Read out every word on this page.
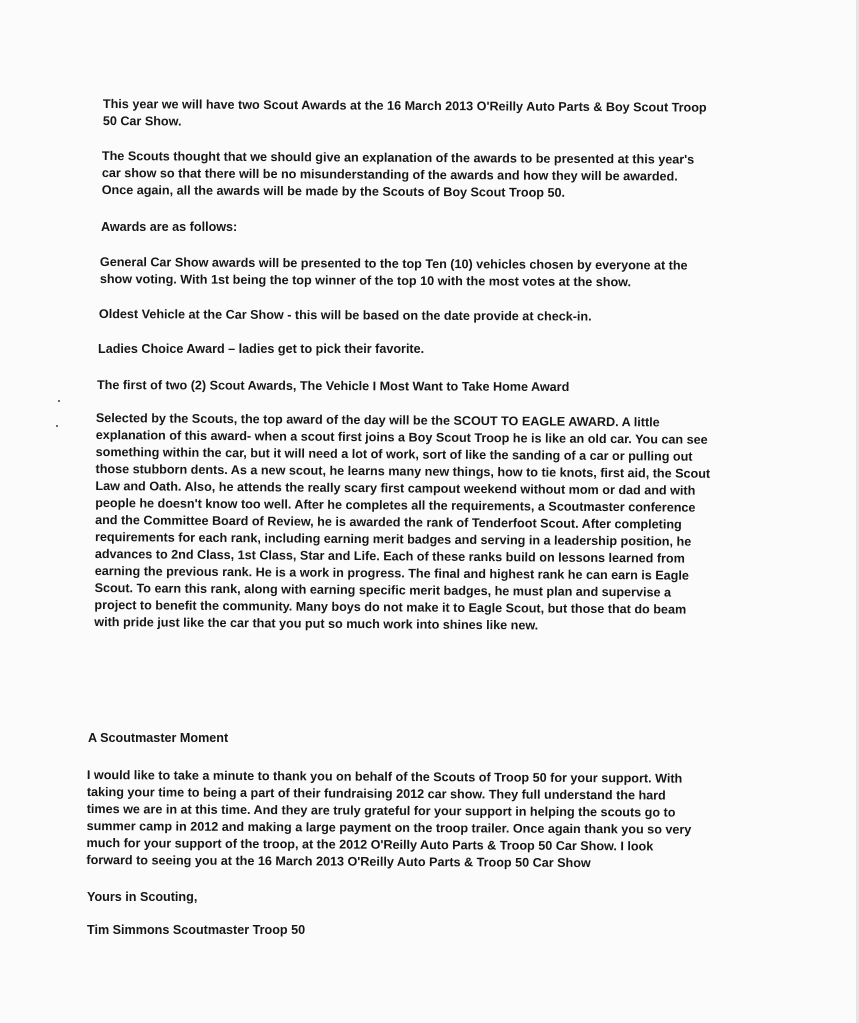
This year we will have two Scout Awards at the 16 March 2013 O'Reilly Auto Parts & Boy Scout Troop
50 Car Show.

The Scouts thought that we should give an explanation of the awards to be presented at this year's
car show so that there will be no misunderstanding of the awards and how they will be awarded.
Once again, all the awards will be made by the Scouts of Boy Scout Troop 50.

Awards are as follows:

General Car Show awards will be presented to the top Ten (10) vehicles chosen by everyone at the
show voting. With 1st being the top winner of the top 10 with the most votes at the show.

Oldest Vehicle at the Car Show - this will be based on the date provide at check-in.

Ladies Choice Award – ladies get to pick their favorite.

The first of two (2) Scout Awards, The Vehicle I Most Want to Take Home Award

Selected by the Scouts, the top award of the day will be the SCOUT TO EAGLE AWARD. A little
explanation of this award- when a scout first joins a Boy Scout Troop he is like an old car. You can see
something within the car, but it will need a lot of work, sort of like the sanding of a car or pulling out
those stubborn dents. As a new scout, he learns many new things, how to tie knots, first aid, the Scout
Law and Oath. Also, he attends the really scary first campout weekend without mom or dad and with
people he doesn't know too well. After he completes all the requirements, a Scoutmaster conference
and the Committee Board of Review, he is awarded the rank of Tenderfoot Scout. After completing
requirements for each rank, including earning merit badges and serving in a leadership position, he
advances to 2nd Class, 1st Class, Star and Life. Each of these ranks build on lessons learned from
earning the previous rank. He is a work in progress. The final and highest rank he can earn is Eagle
Scout. To earn this rank, along with earning specific merit badges, he must plan and supervise a
project to benefit the community. Many boys do not make it to Eagle Scout, but those that do beam
with pride just like the car that you put so much work into shines like new.

A Scoutmaster Moment

I would like to take a minute to thank you on behalf of the Scouts of Troop 50 for your support. With
taking your time to being a part of their fundraising 2012 car show. They full understand the hard
times we are in at this time. And they are truly grateful for your support in helping the scouts go to
summer camp in 2012 and making a large payment on the troop trailer. Once again thank you so very
much for your support of the troop, at the 2012 O'Reilly Auto Parts & Troop 50 Car Show. I look
forward to seeing you at the 16 March 2013 O'Reilly Auto Parts & Troop 50 Car Show

Yours in Scouting,

Tim Simmons Scoutmaster Troop 50
